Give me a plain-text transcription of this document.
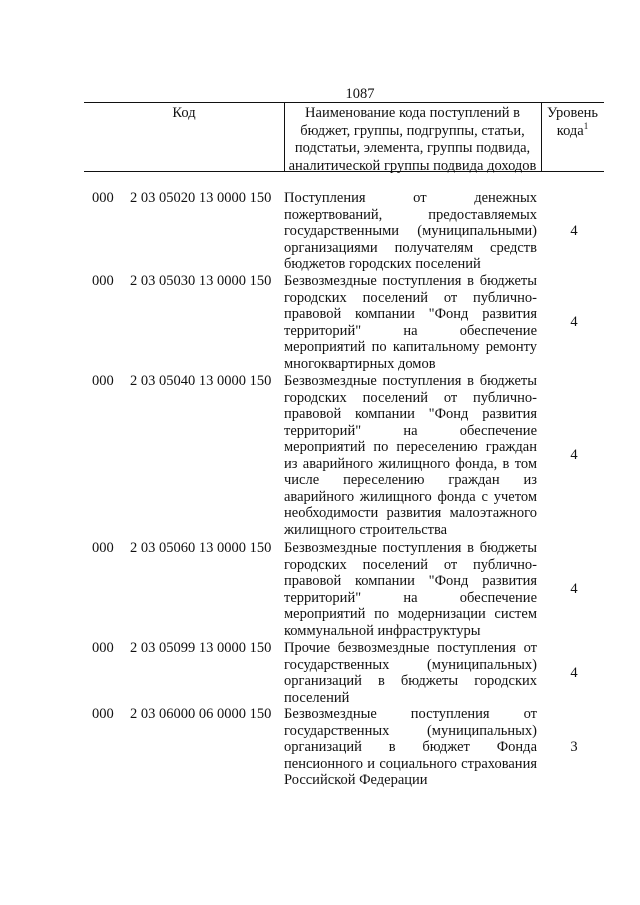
1087
Код	Наименование кода поступлений в бюджет, группы, подгруппы, статьи, подстатьи, элемента, группы подвида, аналитической группы подвида доходов
Уровень кода$^1$
000 2 03 05020 13 0000 150 Поступления от денежных пожертвований, предоставляемых государственными (муниципальными) организациями получателям средств бюджетов городских поселений
4
000 2 03 05030 13 0000 150 Безвозмездные поступления в бюджеты городских поселений от публично-правовой компании "Фонд развития территорий" на обеспечение мероприятий по капитальному ремонту многоквартирных домов
4
000 2 03 05040 13 0000 150 Безвозмездные поступления в бюджеты городских поселений от публично-правовой компании "Фонд развития территорий" на обеспечение мероприятий по переселению граждан из аварийного жилищного фонда, в том числе переселению граждан из аварийного жилищного фонда с учетом необходимости развития малоэтажного жилищного строительства
4
000 2 03 05060 13 0000 150 Безвозмездные поступления в бюджеты городских поселений от публично-правовой компании "Фонд развития территорий" на обеспечение мероприятий по модернизации систем коммунальной инфраструктуры
4
000 2 03 05099 13 0000 150 Прочие безвозмездные поступления от государственных (муниципальных) организаций в бюджеты городских поселений
4
000 2 03 06000 06 0000 150 Безвозмездные поступления от государственных (муниципальных) организаций в бюджет Фонда пенсионного и социального страхования Российской Федерации
3
